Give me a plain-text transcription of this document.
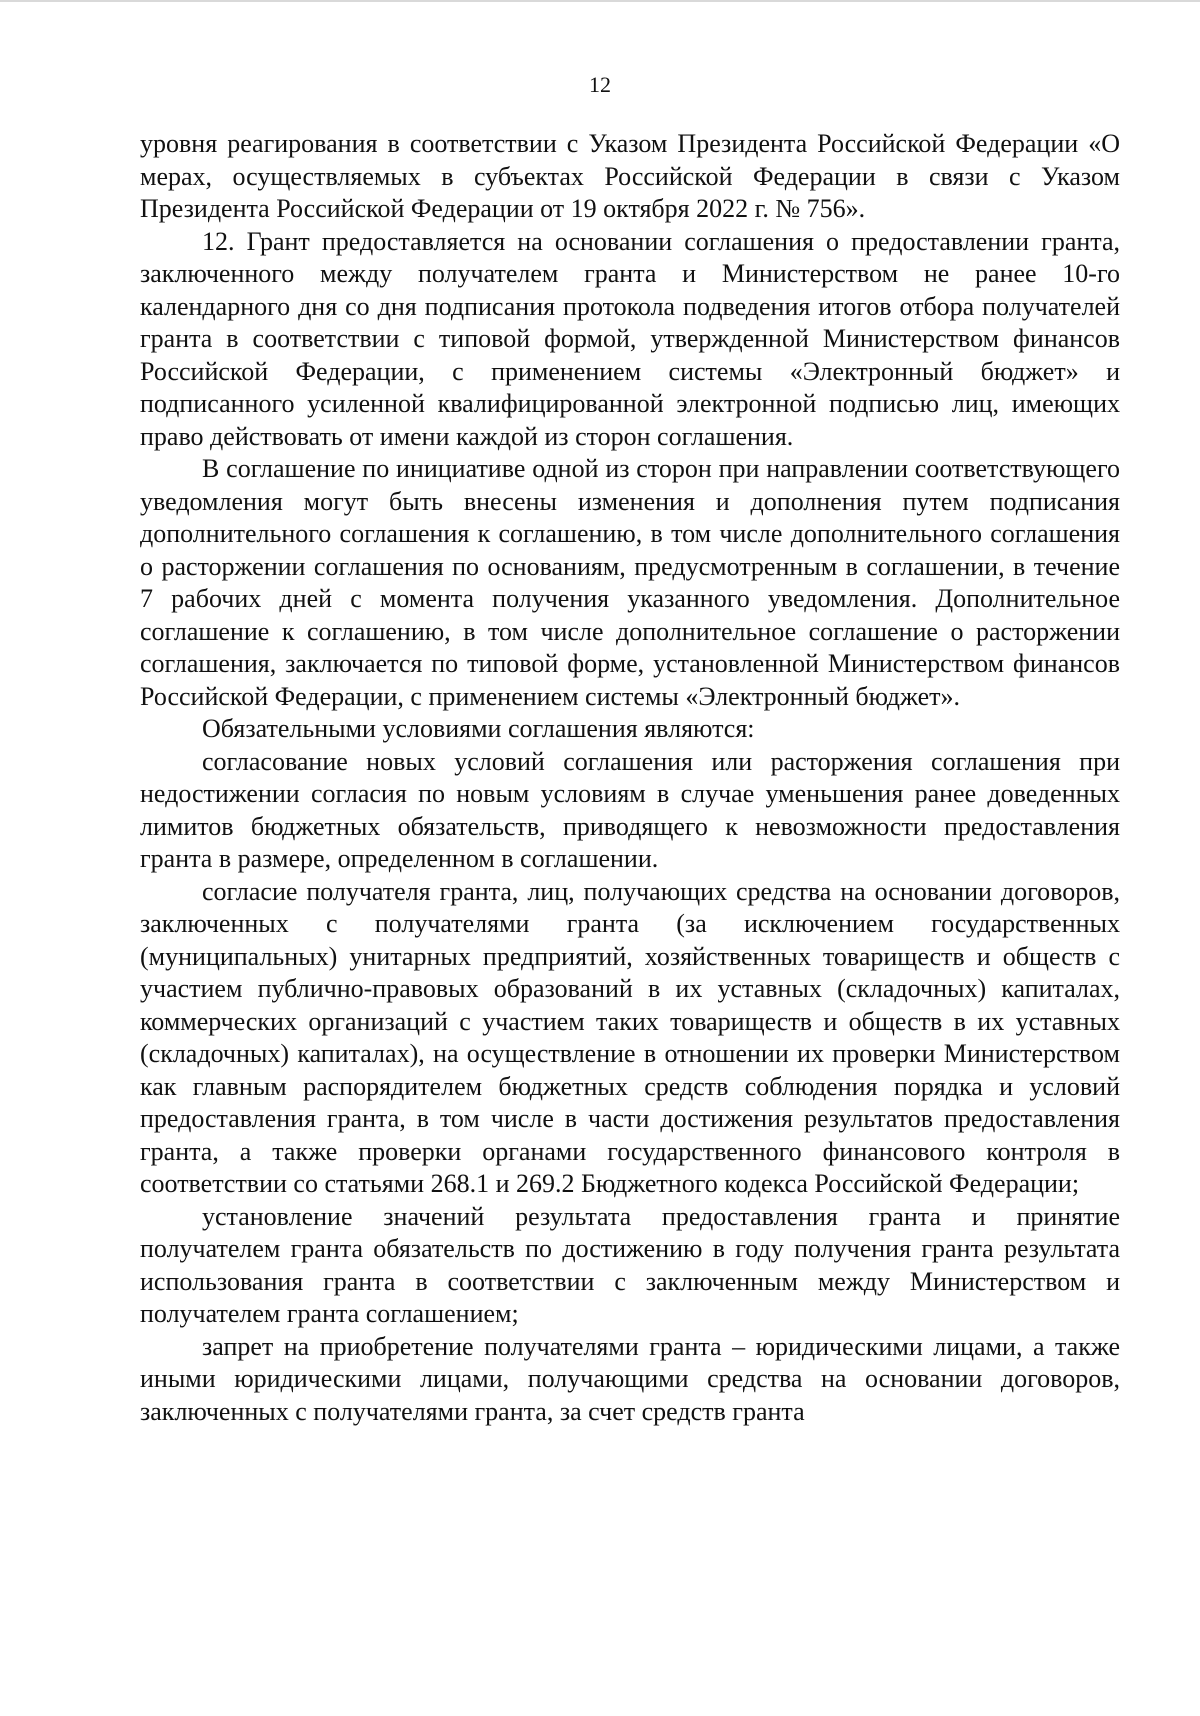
12

уровня реагирования в соответствии с Указом Президента Российской Федерации «О мерах, осуществляемых в субъектах Российской Федерации в связи с Указом Президента Российской Федерации от 19 октября 2022 г. № 756».

12. Грант предоставляется на основании соглашения о предоставлении гранта, заключенного между получателем гранта и Министерством не ранее 10-го календарного дня со дня подписания протокола подведения итогов отбора получателей гранта в соответствии с типовой формой, утвержденной Министерством финансов Российской Федерации, с применением системы «Электронный бюджет» и подписанного усиленной квалифицированной электронной подписью лиц, имеющих право действовать от имени каждой из сторон соглашения.

В соглашение по инициативе одной из сторон при направлении соответствующего уведомления могут быть внесены изменения и дополнения путем подписания дополнительного соглашения к соглашению, в том числе дополнительного соглашения о расторжении соглашения по основаниям, предусмотренным в соглашении, в течение 7 рабочих дней с момента получения указанного уведомления. Дополнительное соглашение к соглашению, в том числе дополнительное соглашение о расторжении соглашения, заключается по типовой форме, установленной Министерством финансов Российской Федерации, с применением системы «Электронный бюджет».

Обязательными условиями соглашения являются:

согласование новых условий соглашения или расторжения соглашения при недостижении согласия по новым условиям в случае уменьшения ранее доведенных лимитов бюджетных обязательств, приводящего к невозможности предоставления гранта в размере, определенном в соглашении.

согласие получателя гранта, лиц, получающих средства на основании договоров, заключенных с получателями гранта (за исключением государственных (муниципальных) унитарных предприятий, хозяйственных товариществ и обществ с участием публично-правовых образований в их уставных (складочных) капиталах, коммерческих организаций с участием таких товариществ и обществ в их уставных (складочных) капиталах), на осуществление в отношении их проверки Министерством как главным распорядителем бюджетных средств соблюдения порядка и условий предоставления гранта, в том числе в части достижения результатов предоставления гранта, а также проверки органами государственного финансового контроля в соответствии со статьями 268.1 и 269.2 Бюджетного кодекса Российской Федерации;

установление значений результата предоставления гранта и принятие получателем гранта обязательств по достижению в году получения гранта результата использования гранта в соответствии с заключенным между Министерством и получателем гранта соглашением;

запрет на приобретение получателями гранта – юридическими лицами, а также иными юридическими лицами, получающими средства на основании договоров, заключенных с получателями гранта, за счет средств гранта
